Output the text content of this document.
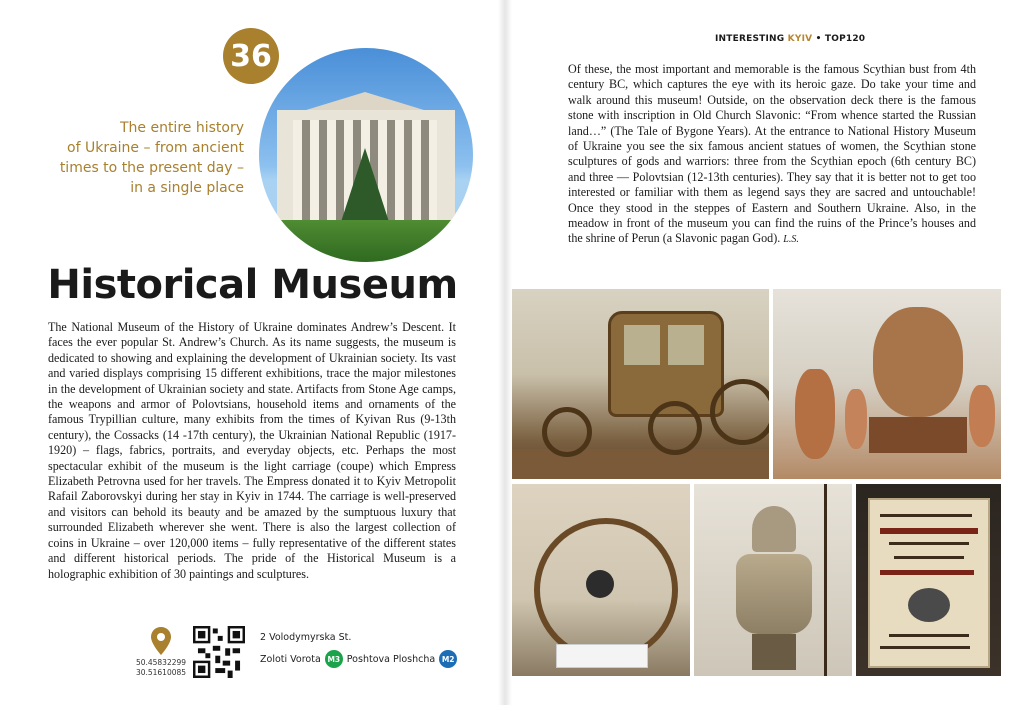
36
The entire history
of Ukraine – from ancient
times to the present day –
in a single place
Historical Museum

The National Museum of the History of Ukraine dominates Andrew’s Descent. It faces the ever popular St. Andrew’s Church. As its name suggests, the museum is dedicated to showing and explaining the development of Ukrainian society. Its vast and varied displays comprising 15 different exhibitions, trace the major milestones in the development of Ukrainian society and state. Artifacts from Stone Age camps, the weapons and armor of Polovtsians, household items and ornaments of the famous Trypillian culture, many exhibits from the times of Kyivan Rus (9-13th century), the Cossacks (14 -17th century), the Ukrainian National Republic (1917-1920) – flags, fabrics, portraits, and everyday objects, etc. Perhaps the most spectacular exhibit of the museum is the light carriage (coupe) which Empress Elizabeth Petrovna used for her travels. The Empress donated it to Kyiv Metropolit Rafail Zaborovskyi during her stay in Kyiv in 1744. The carriage is well-preserved and visitors can behold its beauty and be amazed by the sumptuous luxury that surrounded Elizabeth wherever she went. There is also the largest collection of coins in Ukraine – over 120,000 items – fully representative of the different states and different historical periods. The pride of the Historical Museum is a holographic exhibition of 30 paintings and sculptures.

50.45832299
30.51610085
2 Volodymyrska St.
Zoloti Vorota M3 Poshtova Ploshcha M2
INTERESTING KYIV • TOP120

Of these, the most important and memorable is the famous Scythian bust from 4th century BC, which captures the eye with its heroic gaze. Do take your time and walk around this museum! Outside, on the observation deck there is the famous stone with inscription in Old Church Slavonic: “From whence started the Russian land…” (The Tale of Bygone Years). At the entrance to National History Museum of Ukraine you see the six famous ancient statues of women, the Scythian stone sculptures of gods and warriors: three from the Scythian epoch (6th century BC) and three — Polovtsian (12-13th centuries). They say that it is better not to get too interested or familiar with them as legend says they are sacred and untouchable! Once they stood in the steppes of Eastern and Southern Ukraine. Also, in the meadow in front of the museum you can find the ruins of the Prince’s houses and the shrine of Perun (a Slavonic pagan God). L.S.
